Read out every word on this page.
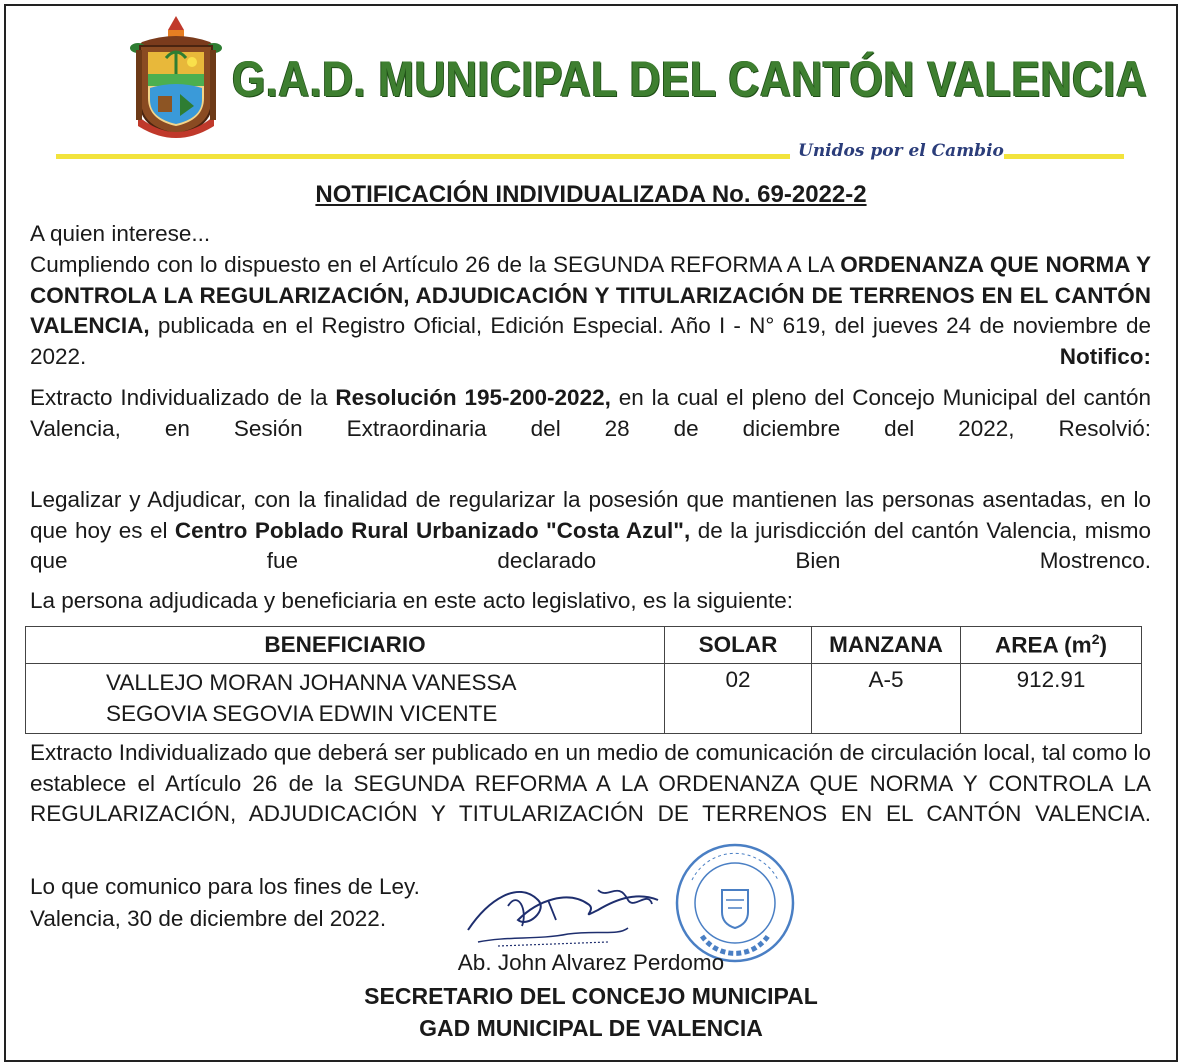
G.A.D. MUNICIPAL DEL CANTÓN VALENCIA
Unidos por el Cambio
NOTIFICACIÓN INDIVIDUALIZADA No. 69-2022-2
A quien interese...
Cumpliendo con lo dispuesto en el Artículo 26 de la SEGUNDA REFORMA A LA ORDENANZA QUE NORMA Y CONTROLA LA REGULARIZACIÓN, ADJUDICACIÓN Y TITULARIZACIÓN DE TERRENOS EN EL CANTÓN VALENCIA, publicada en el Registro Oficial, Edición Especial. Año I - N° 619, del jueves 24 de noviembre de 2022. Notifico:
Extracto Individualizado de la Resolución 195-200-2022, en la cual el pleno del Concejo Municipal del cantón Valencia, en Sesión Extraordinaria del 28 de diciembre del 2022, Resolvió:
Legalizar y Adjudicar, con la finalidad de regularizar la posesión que mantienen las personas asentadas, en lo que hoy es el Centro Poblado Rural Urbanizado "Costa Azul", de la jurisdicción del cantón Valencia, mismo que fue declarado Bien Mostrenco.
La persona adjudicada y beneficiaria en este acto legislativo, es la siguiente:
BENEFICIARIO	SOLAR	MANZANA	AREA $(m^2)$

VALLEJO MORAN JOHANNA VANESSA
SEGOVIA SEGOVIA EDWIN VICENTE	02	A-5	912.91
Extracto Individualizado que deberá ser publicado en un medio de comunicación de circulación local, tal como lo establece el Artículo 26 de la SEGUNDA REFORMA A LA ORDENANZA QUE NORMA Y CONTROLA LA REGULARIZACIÓN, ADJUDICACIÓN Y TITULARIZACIÓN DE TERRENOS EN EL CANTÓN VALENCIA.
Lo que comunico para los fines de Ley.
Valencia, 30 de diciembre del 2022.
Ab. John Alvarez Perdomo
SECRETARIO DEL CONCEJO MUNICIPAL
GAD MUNICIPAL DE VALENCIA
